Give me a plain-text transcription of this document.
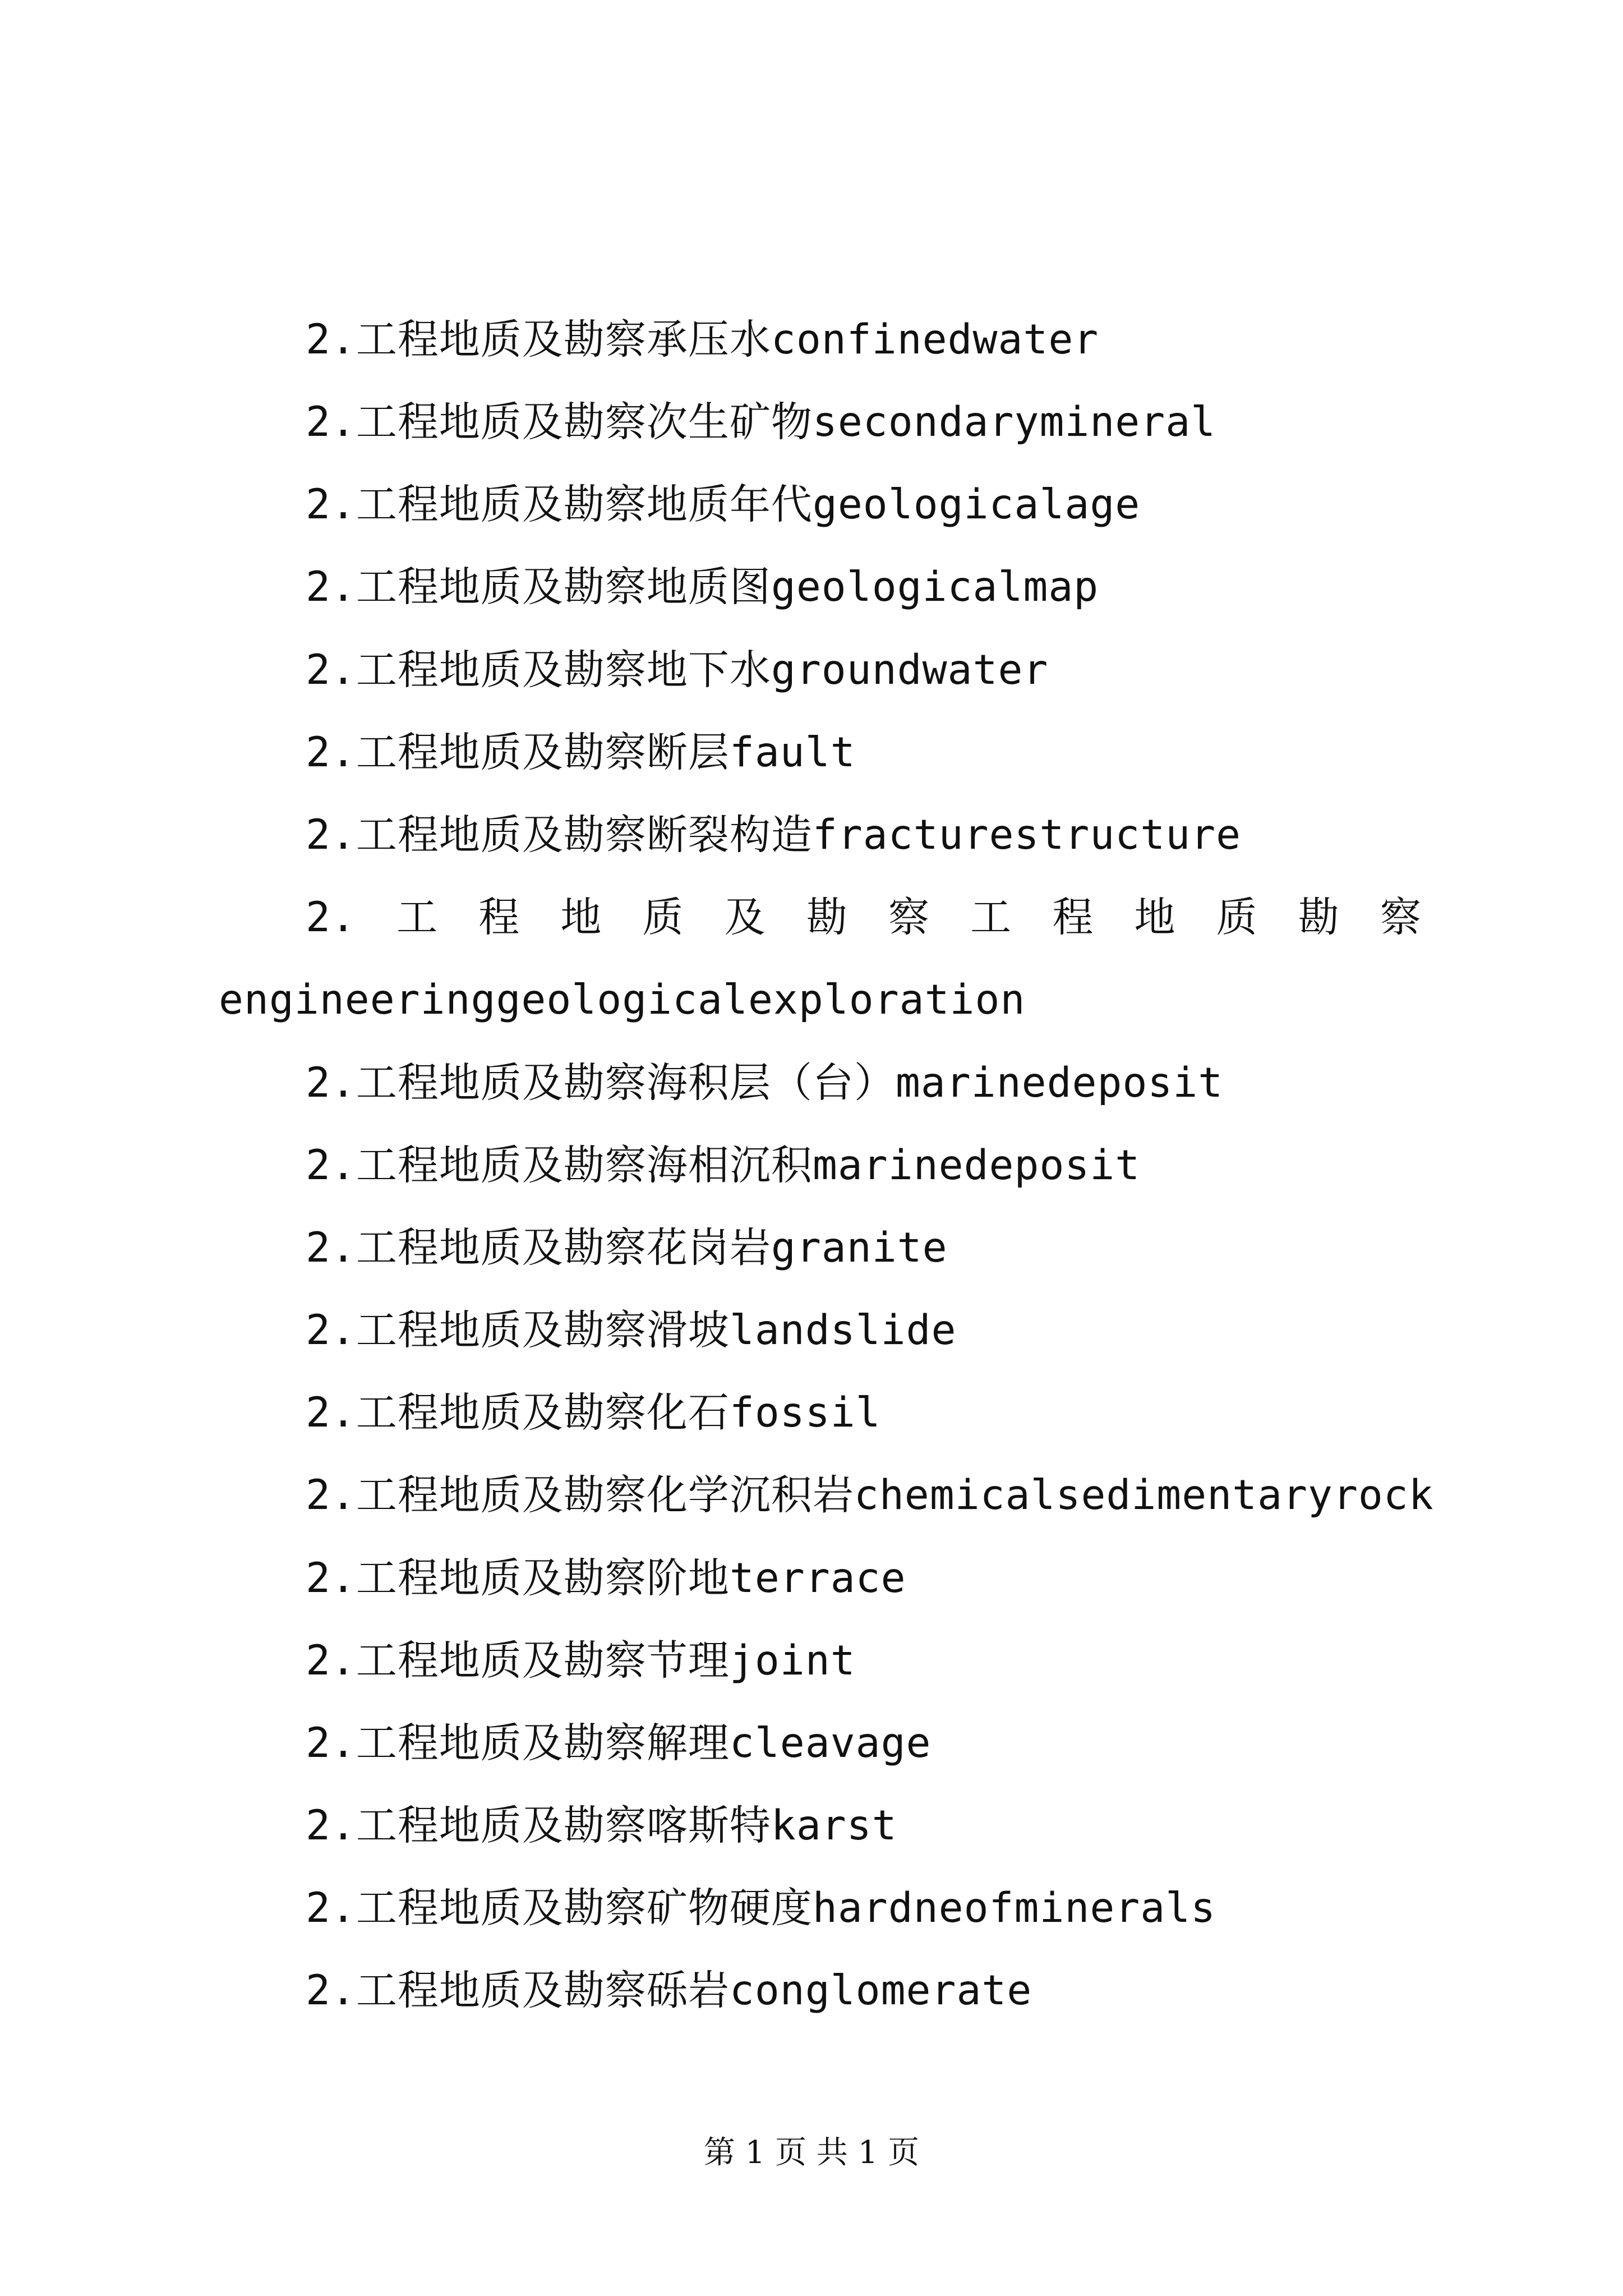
2.工程地质及勘察承压水confinedwater
2.工程地质及勘察次生矿物secondarymineral
2.工程地质及勘察地质年代geologicalage
2.工程地质及勘察地质图geologicalmap
2.工程地质及勘察地下水groundwater
2.工程地质及勘察断层fault
2.工程地质及勘察断裂构造fracturestructure
2. 工 程 地 质 及 勘 察 工 程 地 质 勘 察
engineeringgeologicalexploration
2.工程地质及勘察海积层（台）marinedeposit
2.工程地质及勘察海相沉积marinedeposit
2.工程地质及勘察花岗岩granite
2.工程地质及勘察滑坡landslide
2.工程地质及勘察化石fossil
2.工程地质及勘察化学沉积岩chemicalsedimentaryrock
2.工程地质及勘察阶地terrace
2.工程地质及勘察节理joint
2.工程地质及勘察解理cleavage
2.工程地质及勘察喀斯特karst
2.工程地质及勘察矿物硬度hardneofminerals
2.工程地质及勘察砾岩conglomerate
第 1 页 共 1 页
